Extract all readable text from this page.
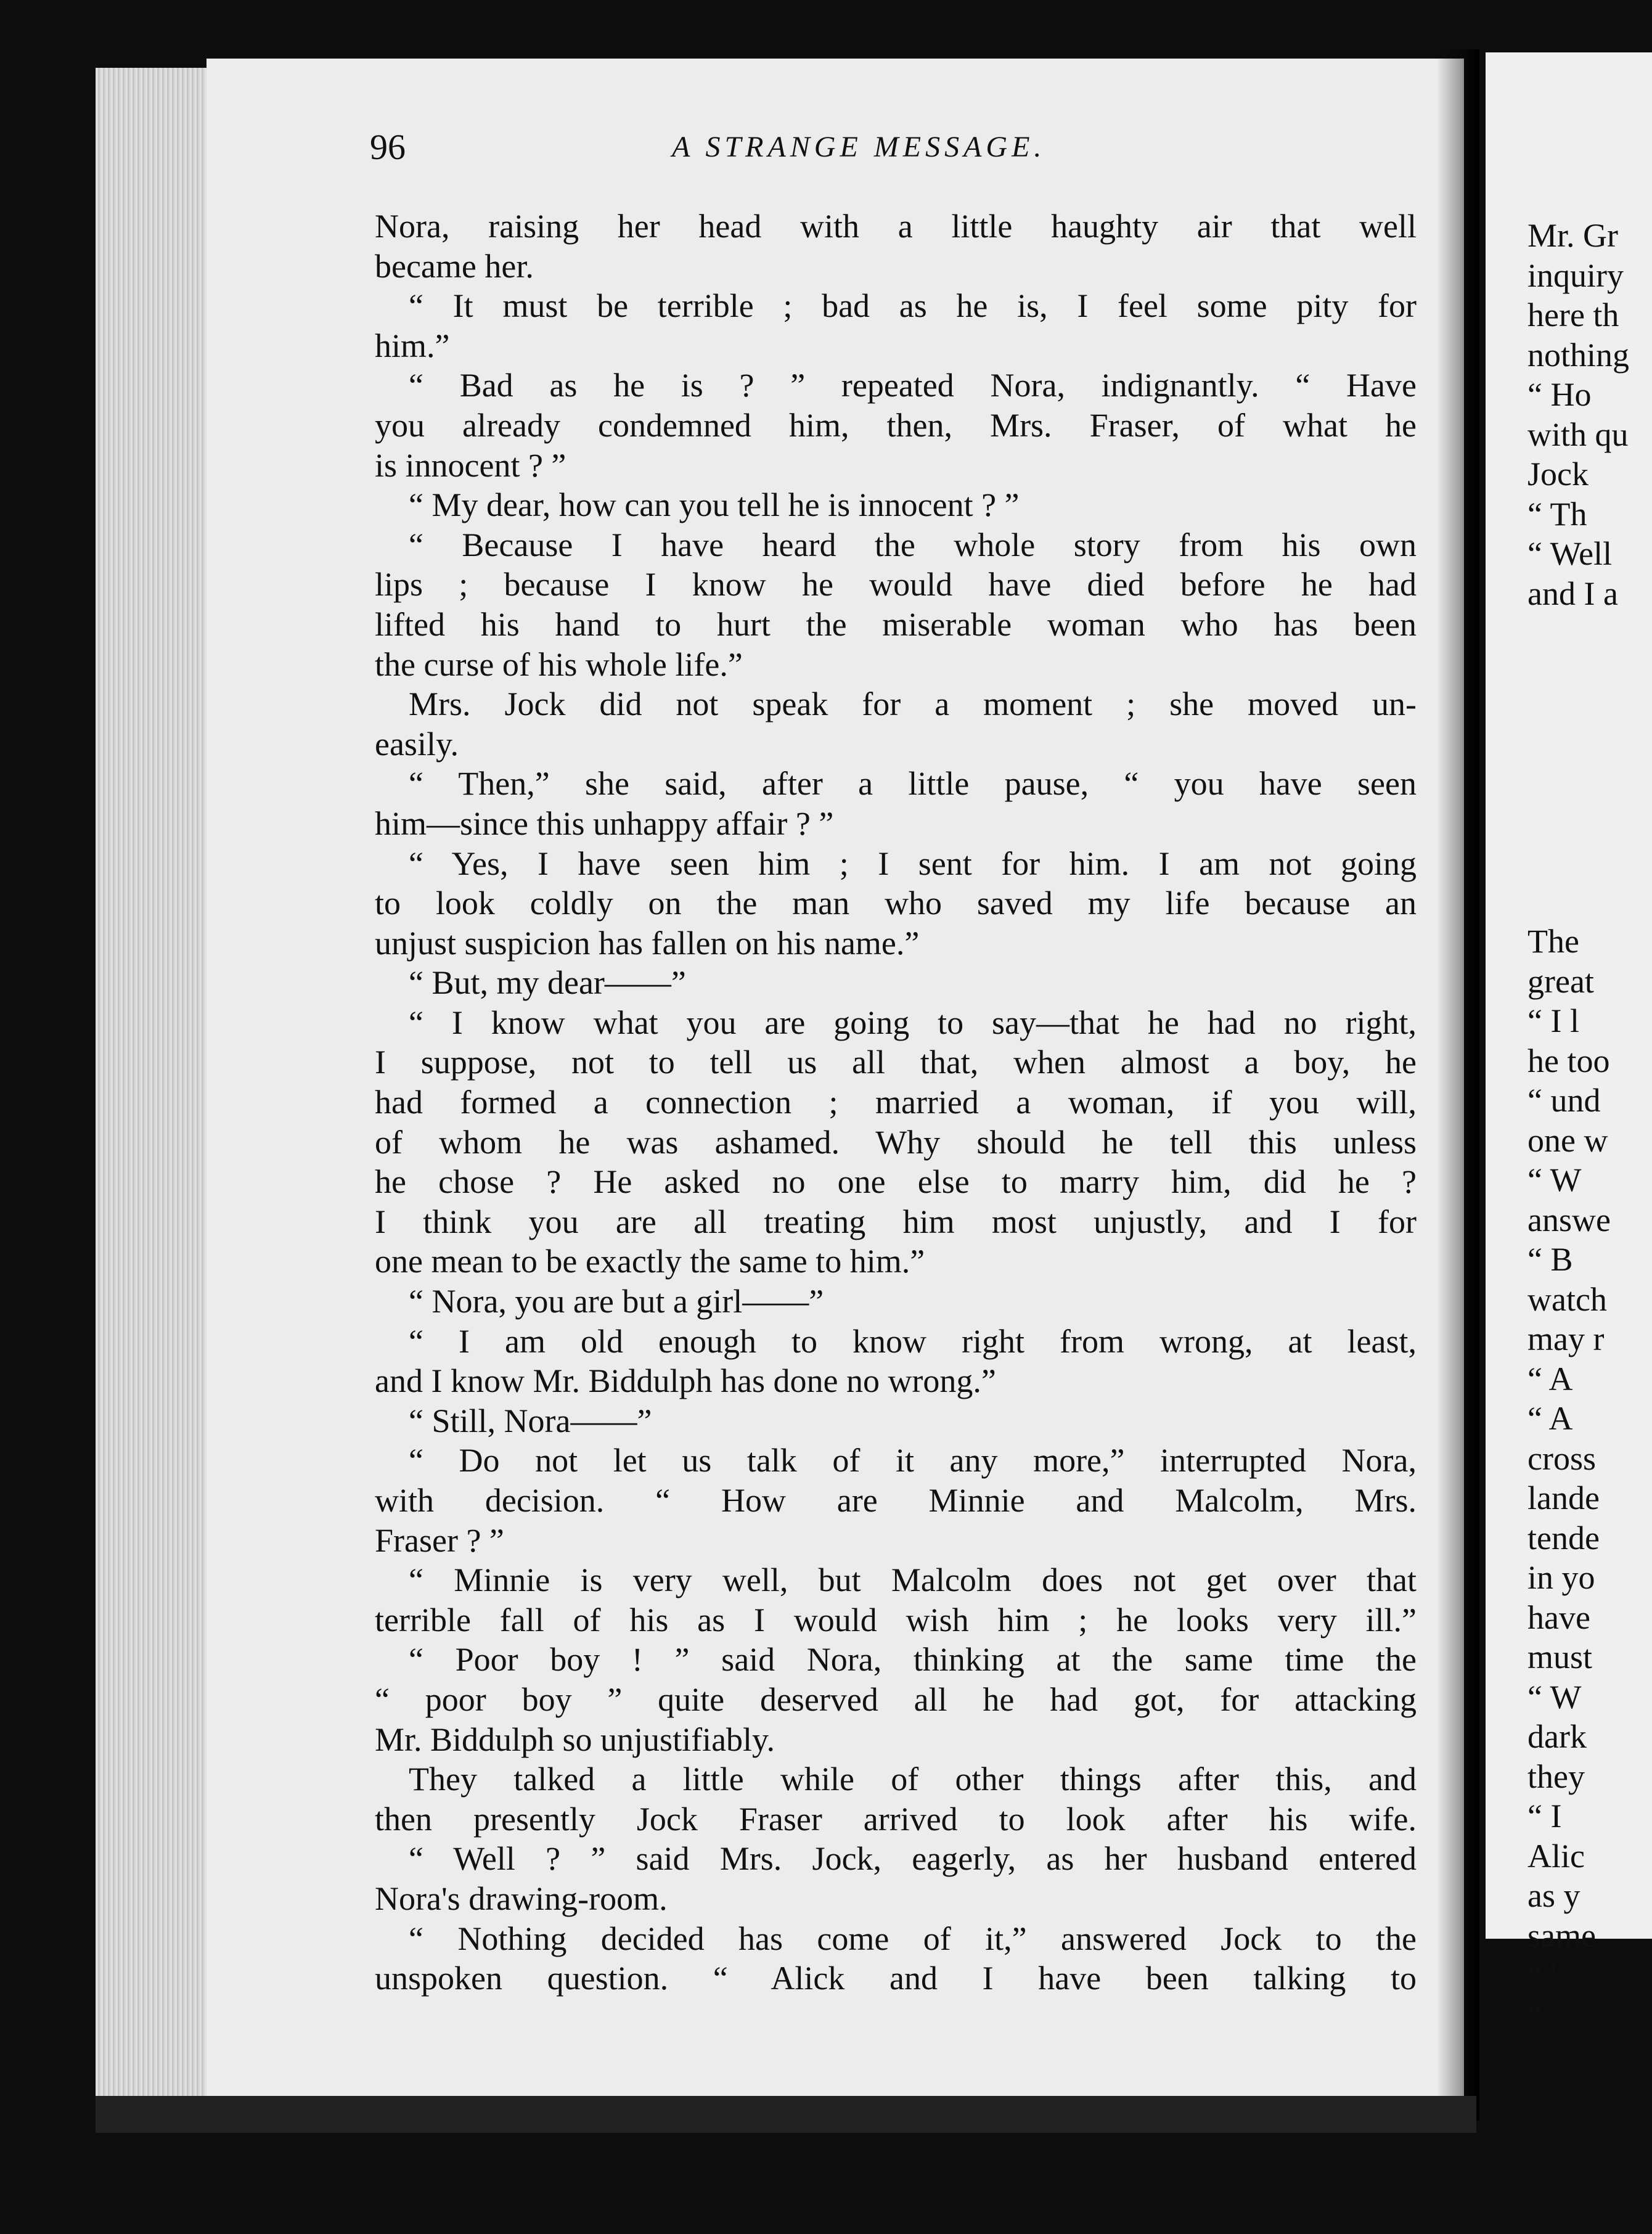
96	A STRANGE MESSAGE.
Nora, raising her head with a little haughty air that well
became her.
“ It must be terrible ; bad as he is, I feel some pity for
him.”
“ Bad as he is ? ” repeated Nora, indignantly. “ Have
you already condemned him, then, Mrs. Fraser, of what he
is innocent ? ”
“ My dear, how can you tell he is innocent ? ”
“ Because I have heard the whole story from his own
lips ; because I know he would have died before he had
lifted his hand to hurt the miserable woman who has been
the curse of his whole life.”
Mrs. Jock did not speak for a moment ; she moved un-
easily.
“ Then,” she said, after a little pause, “ you have seen
him—since this unhappy affair ? ”
“ Yes, I have seen him ; I sent for him. I am not going
to look coldly on the man who saved my life because an
unjust suspicion has fallen on his name.”
“ But, my dear——”
“ I know what you are going to say—that he had no right,
I suppose, not to tell us all that, when almost a boy, he
had formed a connection ; married a woman, if you will,
of whom he was ashamed. Why should he tell this unless
he chose ? He asked no one else to marry him, did he ?
I think you are all treating him most unjustly, and I for
one mean to be exactly the same to him.”
“ Nora, you are but a girl——”
“ I am old enough to know right from wrong, at least,
and I know Mr. Biddulph has done no wrong.”
“ Still, Nora——”
“ Do not let us talk of it any more,” interrupted Nora,
with decision. “ How are Minnie and Malcolm, Mrs.
Fraser ? ”
“ Minnie is very well, but Malcolm does not get over that
terrible fall of his as I would wish him ; he looks very ill.”
“ Poor boy ! ” said Nora, thinking at the same time the
“ poor boy ” quite deserved all he had got, for attacking
Mr. Biddulph so unjustifiably.
They talked a little while of other things after this, and
then presently Jock Fraser arrived to look after his wife.
“ Well ? ” said Mrs. Jock, eagerly, as her husband entered
Nora's drawing-room.
“ Nothing decided has come of it,” answered Jock to the
unspoken question. “ Alick and I have been talking to
Mr. Gr
inquiry
here th
nothing
“ Ho
with qu
Jock
“ Th
“ Well
and I a
The
great
“ I l
he too
“ und
one w
“ W
answe
“ B
watch
may r
“ A
“ A
cross
lande
tende
in yo
have
must
“ W
dark
they
“ I
Alic
as y
same
“ '
“
